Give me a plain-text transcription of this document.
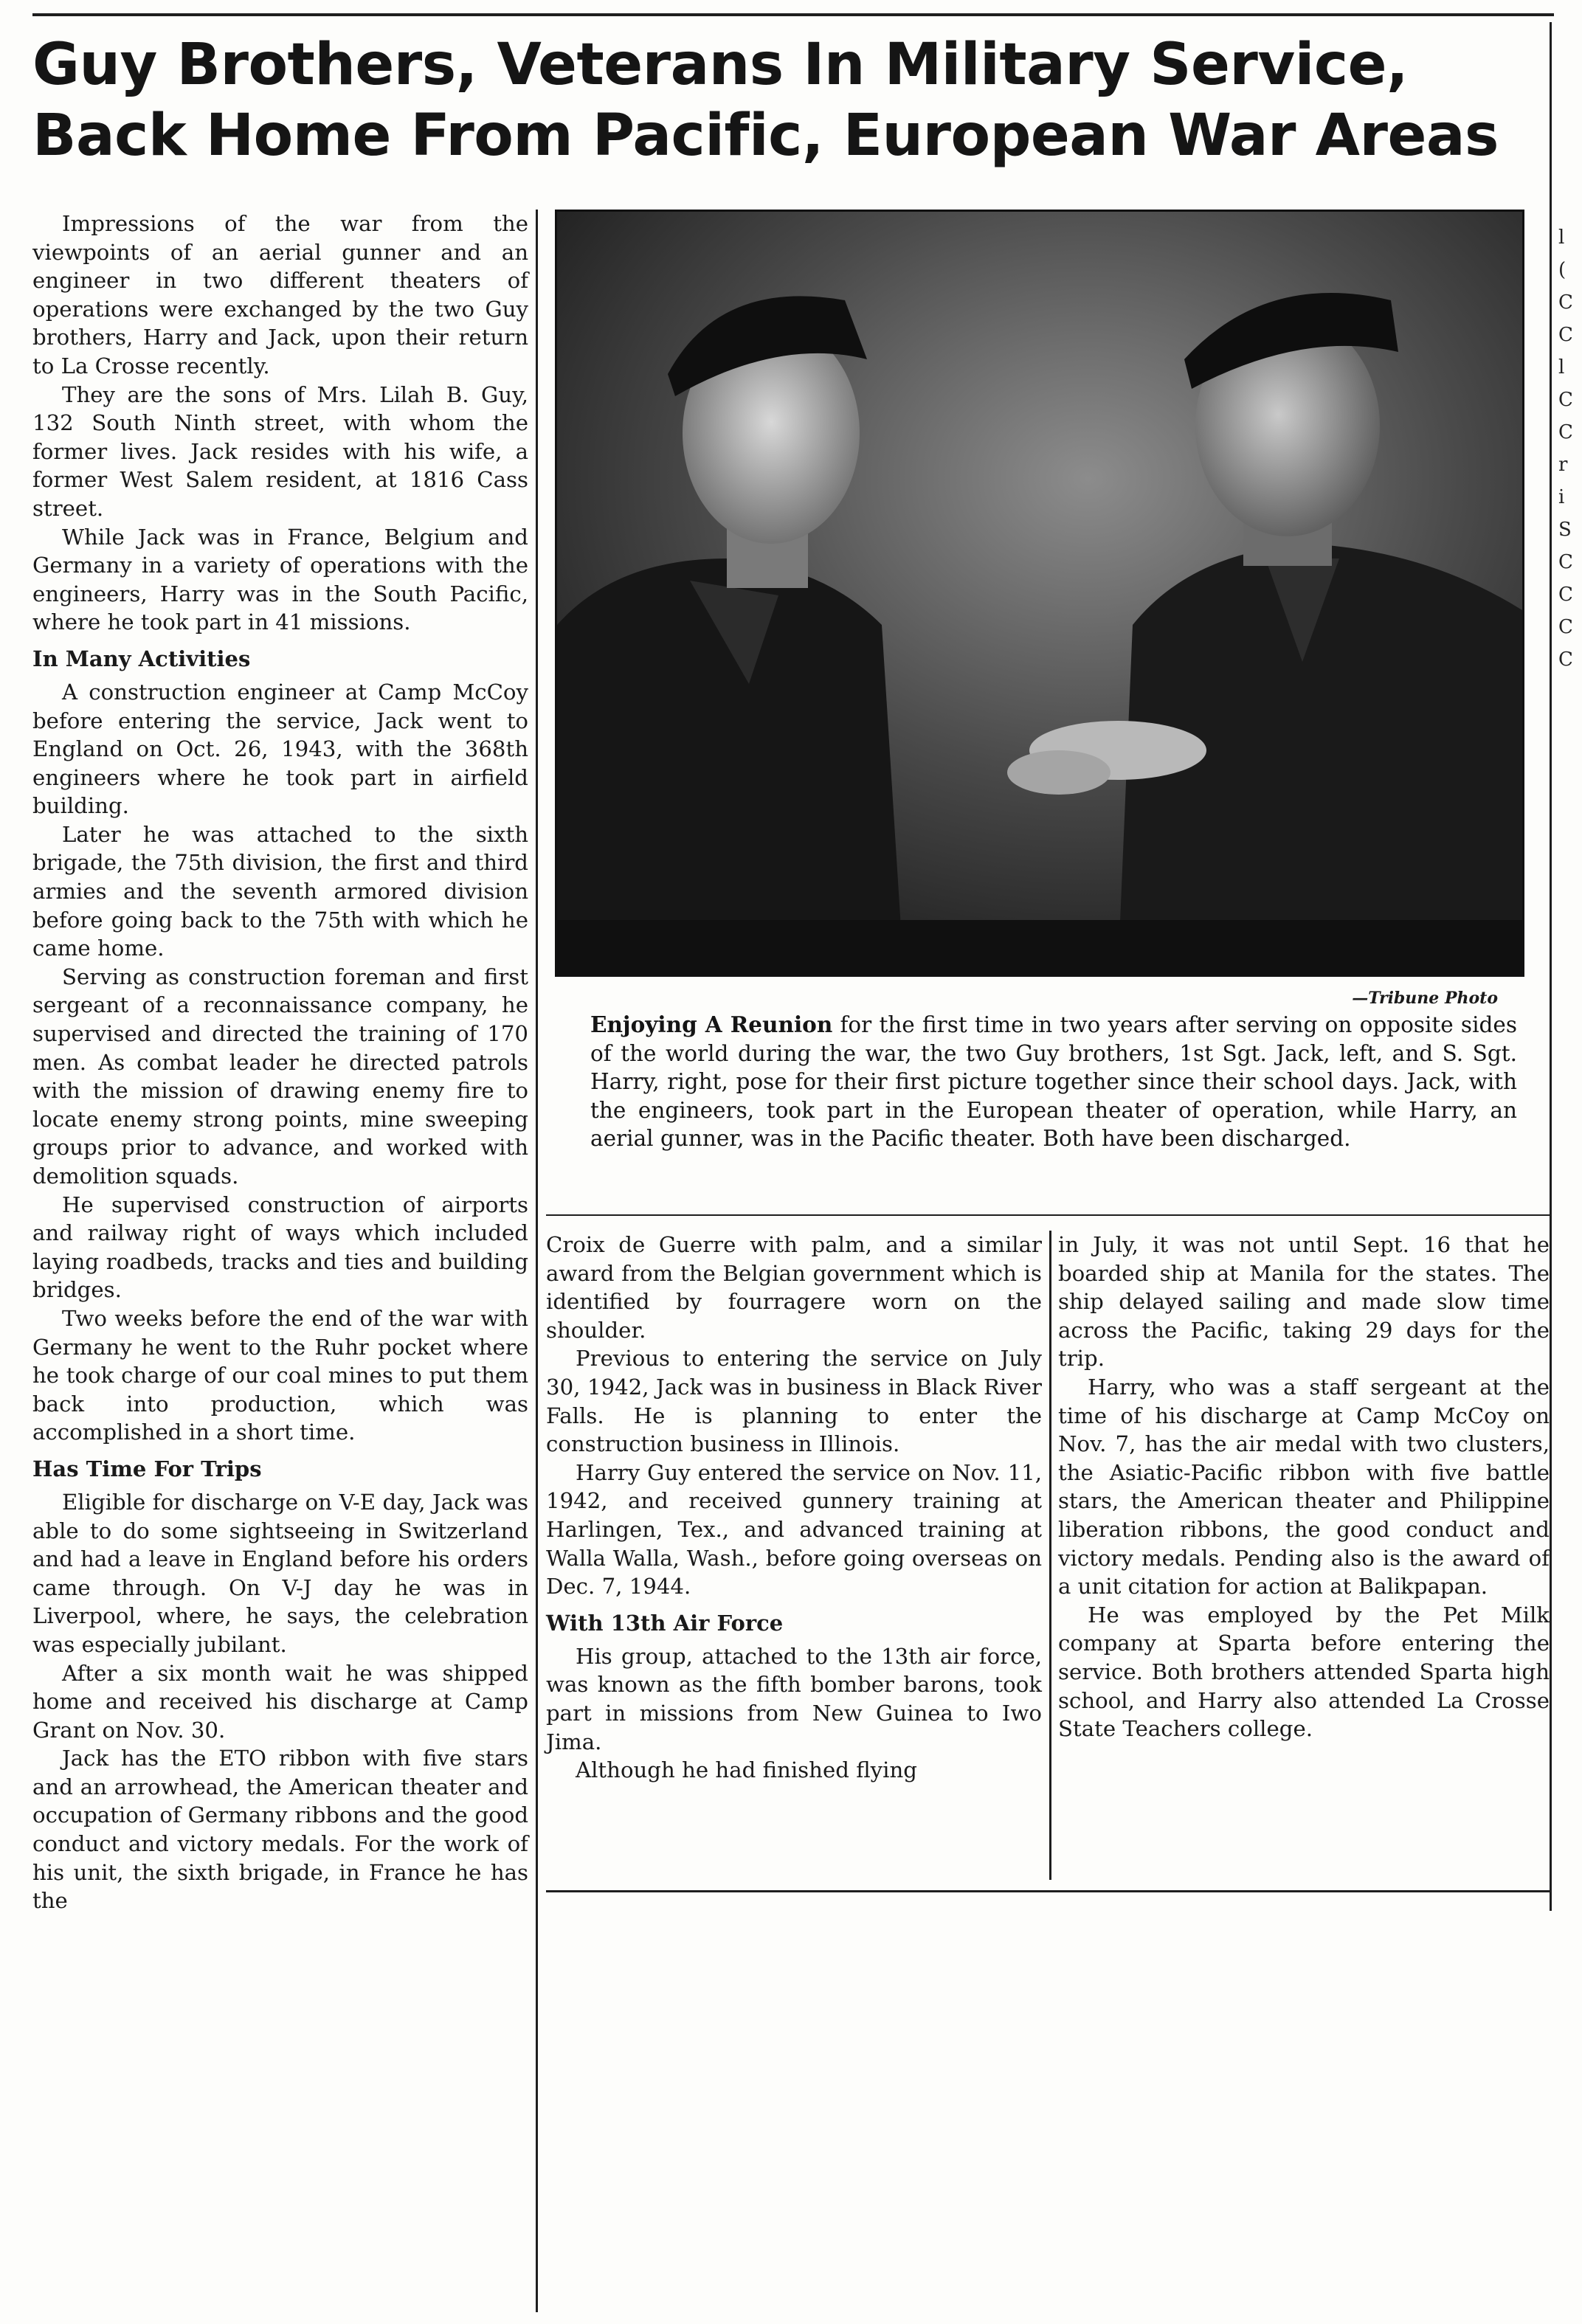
Guy Brothers, Veterans In Military Service,
Back Home From Pacific, European War Areas
—Tribune Photo
Enjoying A Reunion for the first time in two years after serving on opposite sides of the world during the war, the two Guy brothers, 1st Sgt. Jack, left, and S. Sgt. Harry, right, pose for their first picture together since their school days. Jack, with the engineers, took part in the European theater of operation, while Harry, an aerial gunner, was in the Pacific theater. Both have been discharged.

Impressions of the war from the viewpoints of an aerial gunner and an engineer in two different theaters of operations were exchanged by the two Guy brothers, Harry and Jack, upon their return to La Crosse recently.

They are the sons of Mrs. Lilah B. Guy, 132 South Ninth street, with whom the former lives. Jack resides with his wife, a former West Salem resident, at 1816 Cass street.

While Jack was in France, Belgium and Germany in a variety of operations with the engineers, Harry was in the South Pacific, where he took part in 41 missions.

In Many Activities

A construction engineer at Camp McCoy before entering the service, Jack went to England on Oct. 26, 1943, with the 368th engineers where he took part in airfield building.

Later he was attached to the sixth brigade, the 75th division, the first and third armies and the seventh armored division before going back to the 75th with which he came home.

Serving as construction foreman and first sergeant of a reconnaissance company, he supervised and directed the training of 170 men. As combat leader he directed patrols with the mission of drawing enemy fire to locate enemy strong points, mine sweeping groups prior to advance, and worked with demolition squads.

He supervised construction of airports and railway right of ways which included laying roadbeds, tracks and ties and building bridges.

Two weeks before the end of the war with Germany he went to the Ruhr pocket where he took charge of our coal mines to put them back into production, which was accomplished in a short time.

Has Time For Trips

Eligible for discharge on V-E day, Jack was able to do some sightseeing in Switzerland and had a leave in England before his orders came through. On V-J day he was in Liverpool, where, he says, the celebration was especially jubilant.

After a six month wait he was shipped home and received his discharge at Camp Grant on Nov. 30.

Jack has the ETO ribbon with five stars and an arrowhead, the American theater and occupation of Germany ribbons and the good conduct and victory medals. For the work of his unit, the sixth brigade, in France he has the

Croix de Guerre with palm, and a similar award from the Belgian government which is identified by fourragere worn on the shoulder.

Previous to entering the service on July 30, 1942, Jack was in business in Black River Falls. He is planning to enter the construction business in Illinois.

Harry Guy entered the service on Nov. 11, 1942, and received gunnery training at Harlingen, Tex., and advanced training at Walla Walla, Wash., before going overseas on Dec. 7, 1944.

With 13th Air Force

His group, attached to the 13th air force, was known as the fifth bomber barons, took part in missions from New Guinea to Iwo Jima.

Although he had finished flying

in July, it was not until Sept. 16 that he boarded ship at Manila for the states. The ship delayed sailing and made slow time across the Pacific, taking 29 days for the trip.

Harry, who was a staff sergeant at the time of his discharge at Camp McCoy on Nov. 7, has the air medal with two clusters, the Asiatic-Pacific ribbon with five battle stars, the American theater and Philippine liberation ribbons, the good conduct and victory medals. Pending also is the award of a unit citation for action at Balikpapan.

He was employed by the Pet Milk company at Sparta before entering the service. Both brothers attended Sparta high school, and Harry also attended La Crosse State Teachers college.

l
(
C
C
l
C
C
r
i
S
C
C
C
C
